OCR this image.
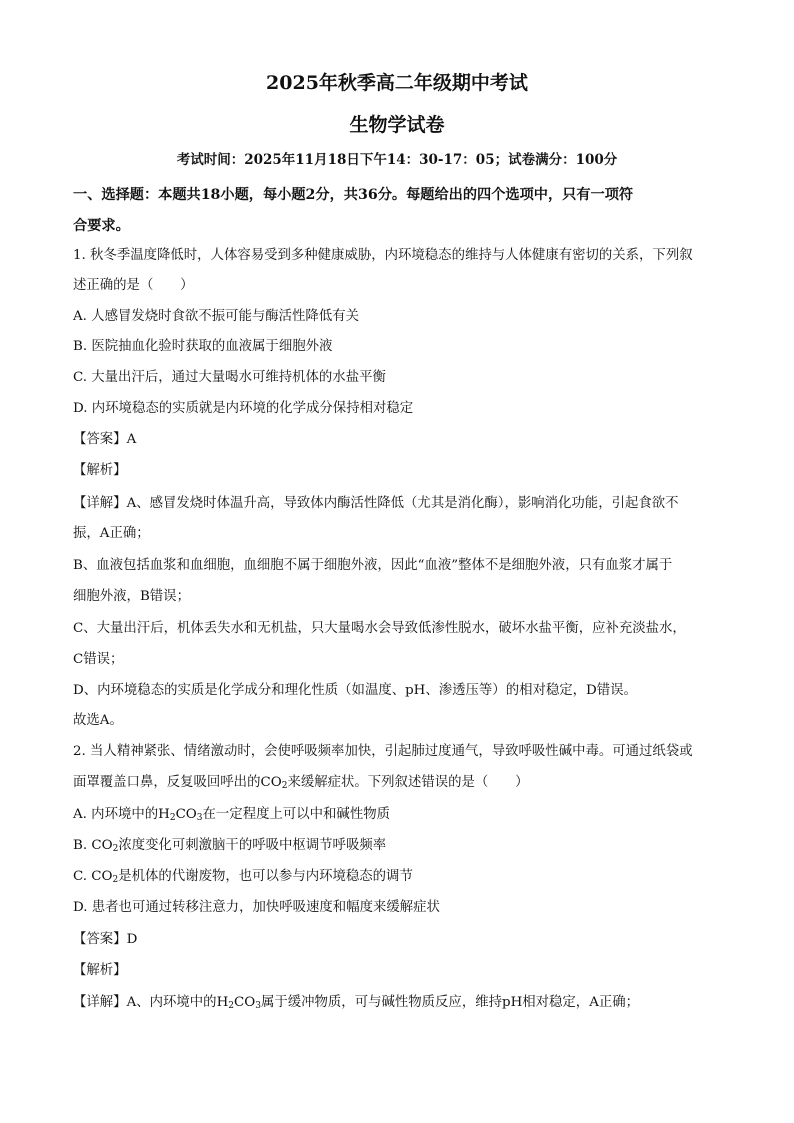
2025年秋季高二年级期中考试
生物学试卷
考试时间：2025年11月18日下午14：30-17：05；试卷满分：100分
一、选择题：本题共18小题，每小题2分，共36分。每题给出的四个选项中，只有一项符
合要求。
1. 秋冬季温度降低时，人体容易受到多种健康威胁，内环境稳态的维持与人体健康有密切的关系，下列叙
述正确的是（　　）
A. 人感冒发烧时食欲不振可能与酶活性降低有关
B. 医院抽血化验时获取的血液属于细胞外液
C. 大量出汗后，通过大量喝水可维持机体的水盐平衡
D. 内环境稳态的实质就是内环境的化学成分保持相对稳定
【答案】A
【解析】
【详解】A、感冒发烧时体温升高，导致体内酶活性降低（尤其是消化酶），影响消化功能，引起食欲不
振，A正确；
B、血液包括血浆和血细胞，血细胞不属于细胞外液，因此“血液”整体不是细胞外液，只有血浆才属于
细胞外液，B错误；
C、大量出汗后，机体丢失水和无机盐，只大量喝水会导致低渗性脱水，破坏水盐平衡，应补充淡盐水，
C错误；
D、内环境稳态的实质是化学成分和理化性质（如温度、pH、渗透压等）的相对稳定，D错误。
故选A。
2. 当人精神紧张、情绪激动时，会使呼吸频率加快，引起肺过度通气，导致呼吸性碱中毒。可通过纸袋或
面罩覆盖口鼻，反复吸回呼出的$CO_2$来缓解症状。下列叙述错误的是（　　）
A. 内环境中的$H_2CO_3$在一定程度上可以中和碱性物质
B. $CO_2$浓度变化可刺激脑干的呼吸中枢调节呼吸频率
C. $CO_2$是机体的代谢废物，也可以参与内环境稳态的调节
D. 患者也可通过转移注意力，加快呼吸速度和幅度来缓解症状
【答案】D
【解析】
【详解】A、内环境中的$H_2CO_3$属于缓冲物质，可与碱性物质反应，维持pH相对稳定，A正确；
